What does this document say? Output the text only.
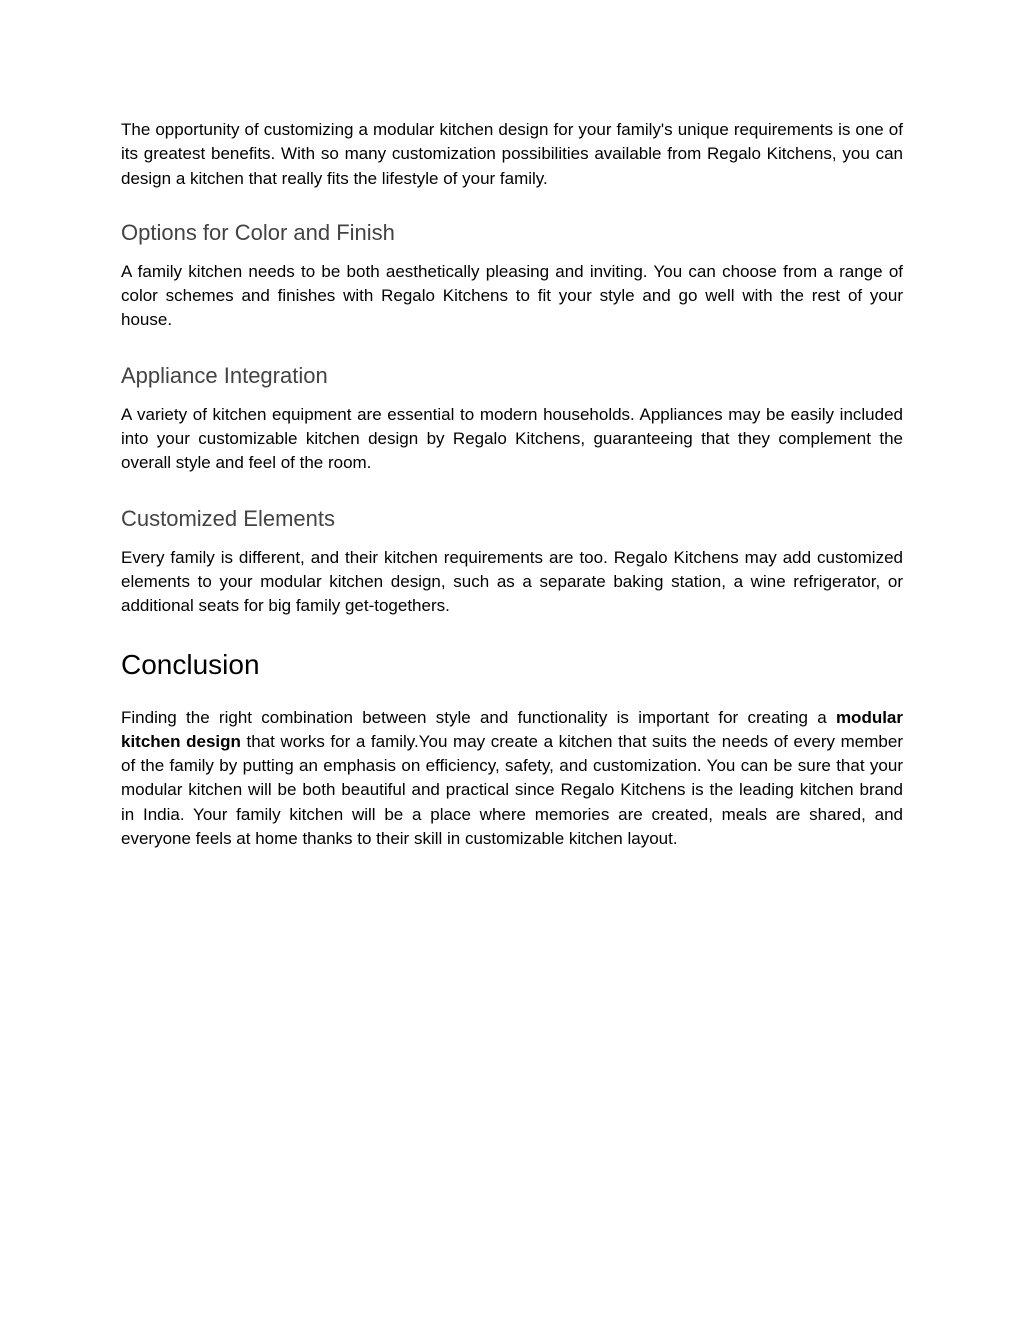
The opportunity of customizing a modular kitchen design for your family's unique requirements is one of its greatest benefits. With so many customization possibilities available from Regalo Kitchens, you can design a kitchen that really fits the lifestyle of your family.

Options for Color and Finish

A family kitchen needs to be both aesthetically pleasing and inviting. You can choose from a range of color schemes and finishes with Regalo Kitchens to fit your style and go well with the rest of your house.

Appliance Integration

A variety of kitchen equipment are essential to modern households. Appliances may be easily included into your customizable kitchen design by Regalo Kitchens, guaranteeing that they complement the overall style and feel of the room.

Customized Elements

Every family is different, and their kitchen requirements are too. Regalo Kitchens may add customized elements to your modular kitchen design, such as a separate baking station, a wine refrigerator, or additional seats for big family get-togethers.

Conclusion

Finding the right combination between style and functionality is important for creating a modular kitchen design that works for a family.You may create a kitchen that suits the needs of every member of the family by putting an emphasis on efficiency, safety, and customization. You can be sure that your modular kitchen will be both beautiful and practical since Regalo Kitchens is the leading kitchen brand in India. Your family kitchen will be a place where memories are created, meals are shared, and everyone feels at home thanks to their skill in customizable kitchen layout.
